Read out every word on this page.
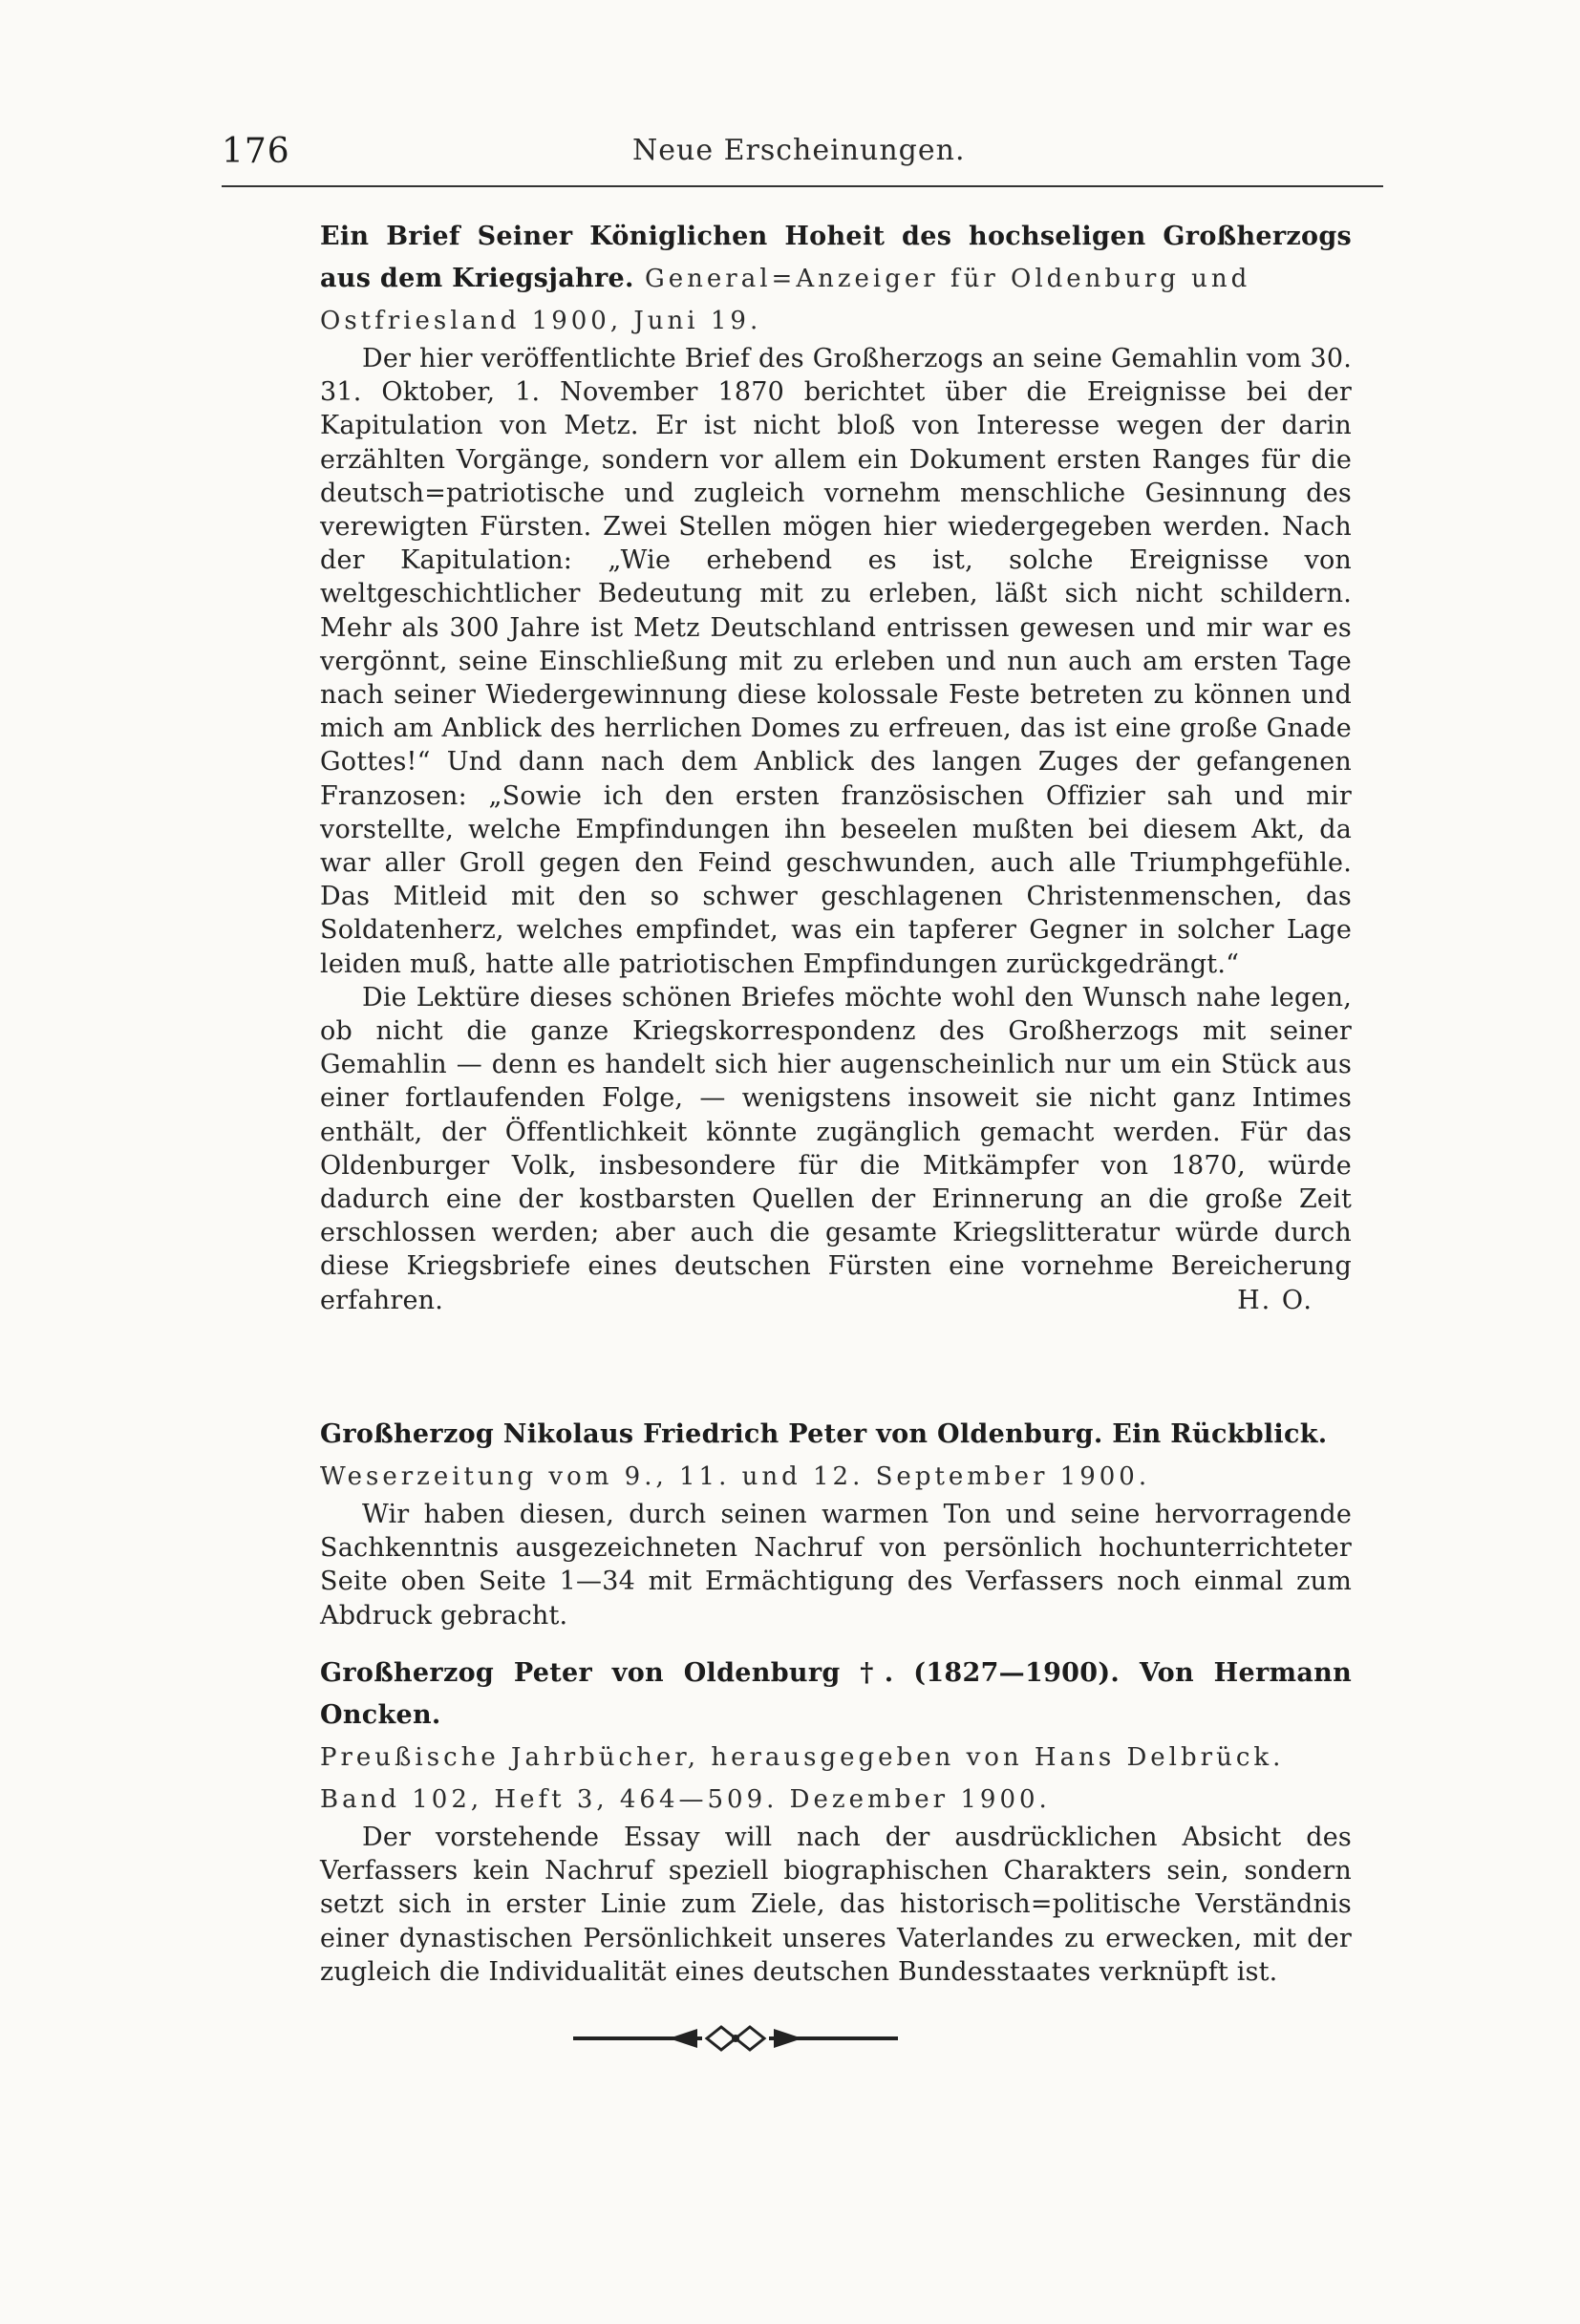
176	Neue Erscheinungen.

Ein Brief Seiner Königlichen Hoheit des hochseligen Großherzogs aus dem Kriegsjahre. General=Anzeiger für Oldenburg und Ostfriesland 1900, Juni 19.

Der hier veröffentlichte Brief des Großherzogs an seine Gemahlin vom 30. 31. Oktober, 1. November 1870 berichtet über die Ereignisse bei der Kapitulation von Metz. Er ist nicht bloß von Interesse wegen der darin erzählten Vorgänge, sondern vor allem ein Dokument ersten Ranges für die deutsch=patriotische und zugleich vornehm menschliche Gesinnung des verewigten Fürsten. Zwei Stellen mögen hier wiedergegeben werden. Nach der Kapitulation: „Wie erhebend es ist, solche Ereignisse von weltgeschichtlicher Bedeutung mit zu erleben, läßt sich nicht schildern. Mehr als 300 Jahre ist Metz Deutschland entrissen gewesen und mir war es vergönnt, seine Einschließung mit zu erleben und nun auch am ersten Tage nach seiner Wiedergewinnung diese kolossale Feste betreten zu können und mich am Anblick des herrlichen Domes zu erfreuen, das ist eine große Gnade Gottes!“ Und dann nach dem Anblick des langen Zuges der gefangenen Franzosen: „Sowie ich den ersten französischen Offizier sah und mir vorstellte, welche Empfindungen ihn beseelen mußten bei diesem Akt, da war aller Groll gegen den Feind geschwunden, auch alle Triumphgefühle. Das Mitleid mit den so schwer geschlagenen Christenmenschen, das Soldatenherz, welches empfindet, was ein tapferer Gegner in solcher Lage leiden muß, hatte alle patriotischen Empfindungen zurückgedrängt.“

Die Lektüre dieses schönen Briefes möchte wohl den Wunsch nahe legen, ob nicht die ganze Kriegskorrespondenz des Großherzogs mit seiner Gemahlin — denn es handelt sich hier augenscheinlich nur um ein Stück aus einer fortlaufenden Folge, — wenigstens insoweit sie nicht ganz Intimes enthält, der Öffentlichkeit könnte zugänglich gemacht werden. Für das Oldenburger Volk, insbesondere für die Mitkämpfer von 1870, würde dadurch eine der kostbarsten Quellen der Erinnerung an die große Zeit erschlossen werden; aber auch die gesamte Kriegslitteratur würde durch diese Kriegsbriefe eines deutschen Fürsten eine vornehme Bereicherung erfahren.	H. O.

Großherzog Nikolaus Friedrich Peter von Oldenburg. Ein Rückblick.

Weserzeitung vom 9., 11. und 12. September 1900.

Wir haben diesen, durch seinen warmen Ton und seine hervorragende Sachkenntnis ausgezeichneten Nachruf von persönlich hochunterrichteter Seite oben Seite 1—34 mit Ermächtigung des Verfassers noch einmal zum Abdruck gebracht.

Großherzog Peter von Oldenburg †. (1827—1900). Von Hermann Oncken.

Preußische Jahrbücher, herausgegeben von Hans Delbrück. Band 102, Heft 3, 464—509. Dezember 1900.

Der vorstehende Essay will nach der ausdrücklichen Absicht des Verfassers kein Nachruf speziell biographischen Charakters sein, sondern setzt sich in erster Linie zum Ziele, das historisch=politische Verständnis einer dynastischen Persönlichkeit unseres Vaterlandes zu erwecken, mit der zugleich die Individualität eines deutschen Bundesstaates verknüpft ist.
